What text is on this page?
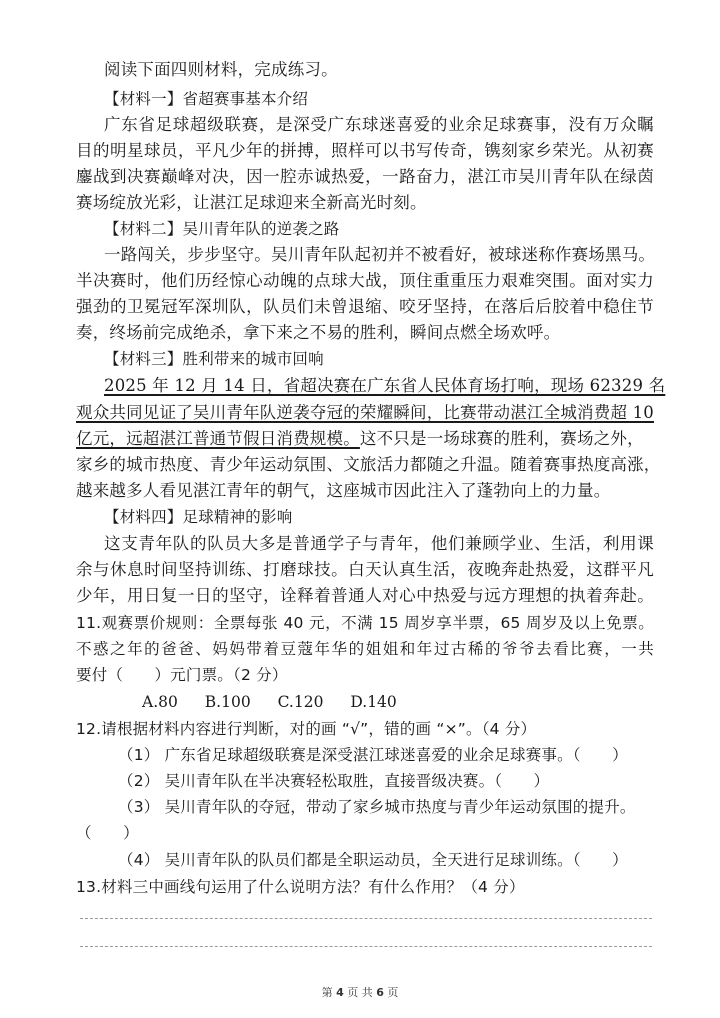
阅读下面四则材料，完成练习。
【材料一】省超赛事基本介绍
广东省足球超级联赛，是深受广东球迷喜爱的业余足球赛事，没有万众瞩
目的明星球员，平凡少年的拼搏，照样可以书写传奇，镌刻家乡荣光。从初赛
鏖战到决赛巅峰对决，因一腔赤诚热爱，一路奋力，湛江市吴川青年队在绿茵
赛场绽放光彩，让湛江足球迎来全新高光时刻。
【材料二】吴川青年队的逆袭之路
一路闯关，步步坚守。吴川青年队起初并不被看好，被球迷称作赛场黑马。
半决赛时，他们历经惊心动魄的点球大战，顶住重重压力艰难突围。面对实力
强劲的卫冕冠军深圳队，队员们未曾退缩、咬牙坚持，在落后后胶着中稳住节
奏，终场前完成绝杀，拿下来之不易的胜利，瞬间点燃全场欢呼。
【材料三】胜利带来的城市回响
2025 年 12 月 14 日，省超决赛在广东省人民体育场打响，现场 62329 名
观众共同见证了吴川青年队逆袭夺冠的荣耀瞬间，比赛带动湛江全城消费超 10
亿元，远超湛江普通节假日消费规模。这不只是一场球赛的胜利，赛场之外，
家乡的城市热度、青少年运动氛围、文旅活力都随之升温。随着赛事热度高涨，
越来越多人看见湛江青年的朝气，这座城市因此注入了蓬勃向上的力量。
【材料四】足球精神的影响
这支青年队的队员大多是普通学子与青年，他们兼顾学业、生活，利用课
余与休息时间坚持训练、打磨球技。白天认真生活，夜晚奔赴热爱，这群平凡
少年，用日复一日的坚守，诠释着普通人对心中热爱与远方理想的执着奔赴。
11.观赛票价规则：全票每张 40 元，不满 15 周岁享半票，65 周岁及以上免票。
不惑之年的爸爸、妈妈带着豆蔻年华的姐姐和年过古稀的爷爷去看比赛，一共
要付（　　）元门票。（2 分）
A.80 B.100 C.120 D.140
12.请根据材料内容进行判断，对的画 “√”，错的画 “×”。（4 分）
（1） 广东省足球超级联赛是深受湛江球迷喜爱的业余足球赛事。（　　）
（2） 吴川青年队在半决赛轻松取胜，直接晋级决赛。（　　）
（3） 吴川青年队的夺冠，带动了家乡城市热度与青少年运动氛围的提升。
（　　）
（4） 吴川青年队的队员们都是全职运动员，全天进行足球训练。（　　）
13.材料三中画线句运用了什么说明方法？有什么作用？（4 分）
第 4 页 共 6 页
